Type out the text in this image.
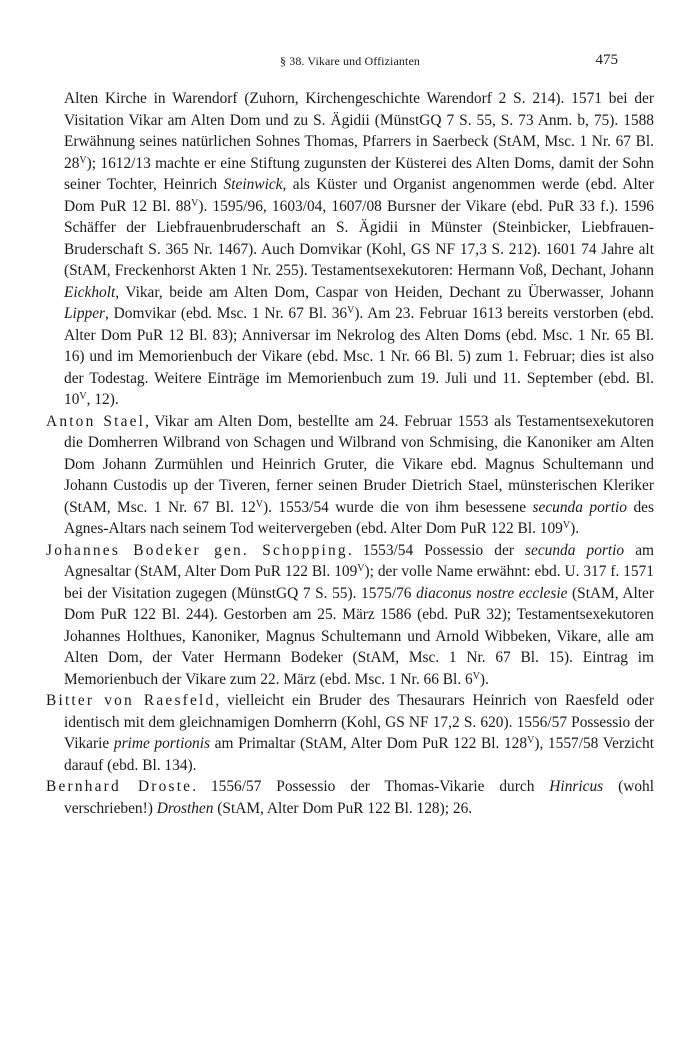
§ 38. Vikare und Offizianten	475

Alten Kirche in Warendorf (Zuhorn, Kirchengeschichte Warendorf 2 S. 214). 1571 bei der Visitation Vikar am Alten Dom und zu S. Ägidii (MünstGQ 7 S. 55, S. 73 Anm. b, 75). 1588 Erwähnung seines natürlichen Sohnes Thomas, Pfarrers in Saerbeck (StAM, Msc. 1 Nr. 67 Bl. $28^V$); 1612/13 machte er eine Stiftung zugunsten der Küsterei des Alten Doms, damit der Sohn seiner Tochter, Heinrich Steinwick, als Küster und Organist angenommen werde (ebd. Alter Dom PuR 12 Bl. $88^V$). 1595/96, 1603/04, 1607/08 Bursner der Vikare (ebd. PuR 33 f.). 1596 Schäffer der Liebfrauenbruderschaft an S. Ägidii in Münster (Steinbicker, Liebfrauen-Bruderschaft S. 365 Nr. 1467). Auch Domvikar (Kohl, GS NF 17,3 S. 212). 1601 74 Jahre alt (StAM, Freckenhorst Akten 1 Nr. 255). Testamentsexekutoren: Hermann Voß, Dechant, Johann Eickholt, Vikar, beide am Alten Dom, Caspar von Heiden, Dechant zu Überwasser, Johann Lipper, Domvikar (ebd. Msc. 1 Nr. 67 Bl. $36^V$). Am 23. Februar 1613 bereits verstorben (ebd. Alter Dom PuR 12 Bl. 83); Anniversar im Nekrolog des Alten Doms (ebd. Msc. 1 Nr. 65 Bl. 16) und im Memorienbuch der Vikare (ebd. Msc. 1 Nr. 66 Bl. 5) zum 1. Februar; dies ist also der Todestag. Weitere Einträge im Memorienbuch zum 19. Juli und 11. September (ebd. Bl. $10^V$, 12).

Anton Stael, Vikar am Alten Dom, bestellte am 24. Februar 1553 als Testamentsexekutoren die Domherren Wilbrand von Schagen und Wilbrand von Schmising, die Kanoniker am Alten Dom Johann Zurmühlen und Heinrich Gruter, die Vikare ebd. Magnus Schultemann und Johann Custodis up der Tiveren, ferner seinen Bruder Dietrich Stael, münsterischen Kleriker (StAM, Msc. 1 Nr. 67 Bl. $12^V$). 1553/54 wurde die von ihm besessene secunda portio des Agnes-Altars nach seinem Tod weitervergeben (ebd. Alter Dom PuR 122 Bl. $109^V$).

Johannes Bodeker gen. Schopping. 1553/54 Possessio der secunda portio am Agnesaltar (StAM, Alter Dom PuR 122 Bl. $109^V$); der volle Name erwähnt: ebd. U. 317 f. 1571 bei der Visitation zugegen (MünstGQ 7 S. 55). 1575/76 diaconus nostre ecclesie (StAM, Alter Dom PuR 122 Bl. 244). Gestorben am 25. März 1586 (ebd. PuR 32); Testamentsexekutoren Johannes Holthues, Kanoniker, Magnus Schultemann und Arnold Wibbeken, Vikare, alle am Alten Dom, der Vater Hermann Bodeker (StAM, Msc. 1 Nr. 67 Bl. 15). Eintrag im Memorienbuch der Vikare zum 22. März (ebd. Msc. 1 Nr. 66 Bl. $6^V$).

Bitter von Raesfeld, vielleicht ein Bruder des Thesaurars Heinrich von Raesfeld oder identisch mit dem gleichnamigen Domherrn (Kohl, GS NF 17,2 S. 620). 1556/57 Possessio der Vikarie prime portionis am Primaltar (StAM, Alter Dom PuR 122 Bl. $128^V$), 1557/58 Verzicht darauf (ebd. Bl. 134).

Bernhard Droste. 1556/57 Possessio der Thomas-Vikarie durch Hinricus (wohl verschrieben!) Drosthen (StAM, Alter Dom PuR 122 Bl. 128); 26.
